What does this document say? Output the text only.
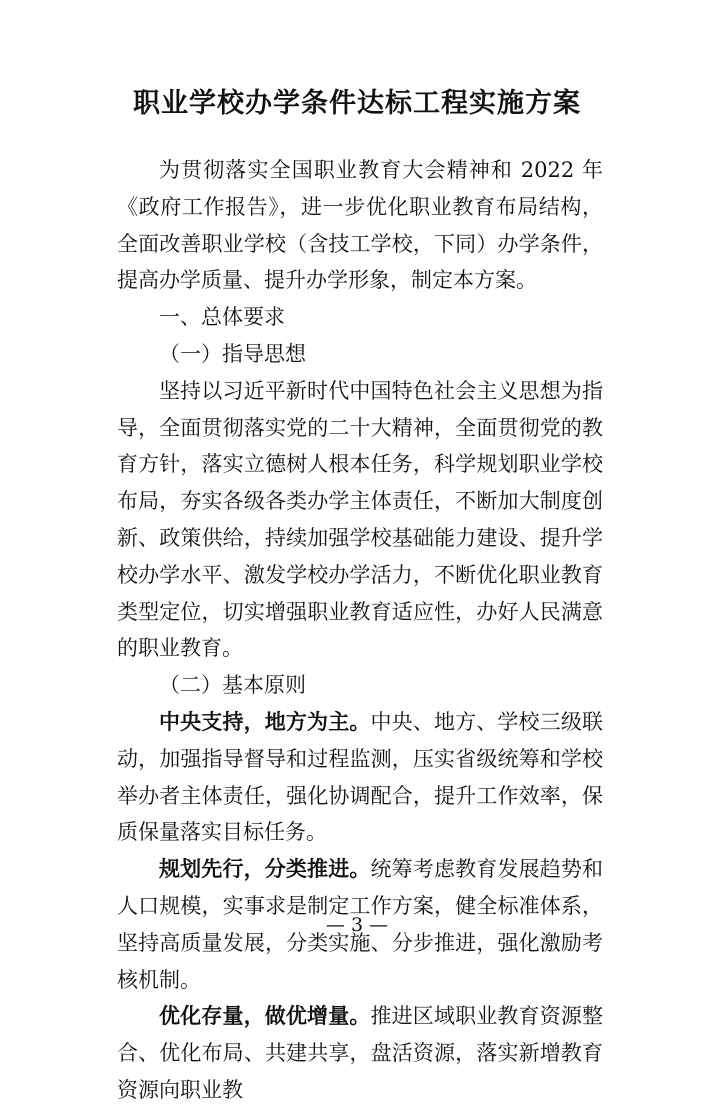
职业学校办学条件达标工程实施方案

为贯彻落实全国职业教育大会精神和 2022 年《政府工作报告》，进一步优化职业教育布局结构，全面改善职业学校（含技工学校，下同）办学条件，提高办学质量、提升办学形象，制定本方案。

一、总体要求

（一）指导思想

坚持以习近平新时代中国特色社会主义思想为指导，全面贯彻落实党的二十大精神，全面贯彻党的教育方针，落实立德树人根本任务，科学规划职业学校布局，夯实各级各类办学主体责任，不断加大制度创新、政策供给，持续加强学校基础能力建设、提升学校办学水平、激发学校办学活力，不断优化职业教育类型定位，切实增强职业教育适应性，办好人民满意的职业教育。

（二）基本原则

中央支持，地方为主。中央、地方、学校三级联动，加强指导督导和过程监测，压实省级统筹和学校举办者主体责任，强化协调配合，提升工作效率，保质保量落实目标任务。

规划先行，分类推进。统筹考虑教育发展趋势和人口规模，实事求是制定工作方案，健全标准体系，坚持高质量发展，分类实施、分步推进，强化激励考核机制。

优化存量，做优增量。推进区域职业教育资源整合、优化布局、共建共享，盘活资源，落实新增教育资源向职业教

— 3 —
